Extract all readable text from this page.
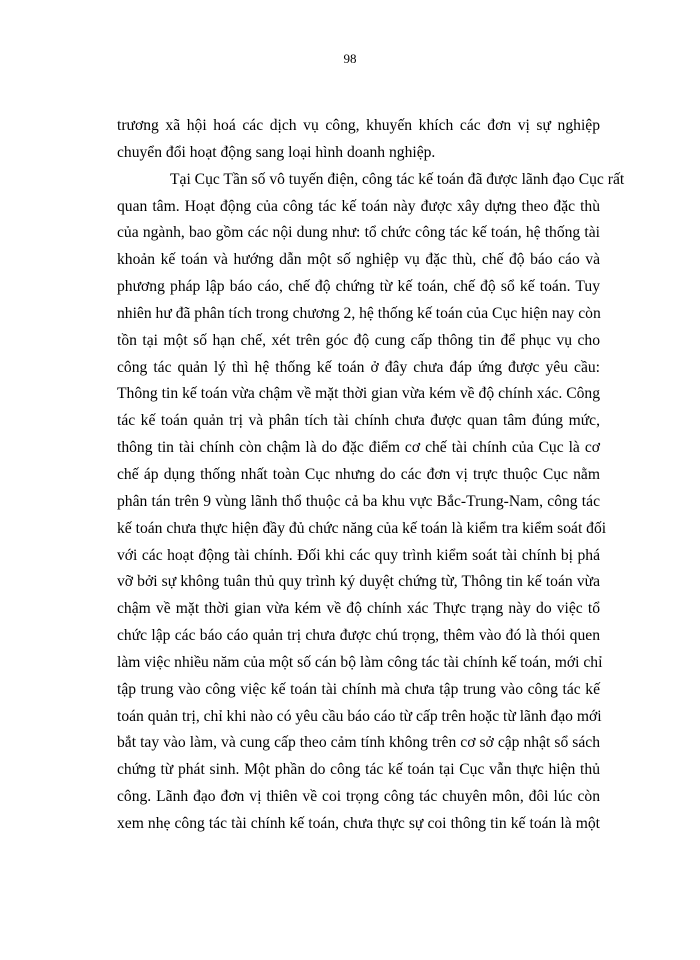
98
trương xã hội hoá các dịch vụ công, khuyến khích các đơn vị sự nghiệp
chuyển đổi hoạt động sang loại hình doanh nghiệp.
Tại Cục Tần số vô tuyến điện, công tác kế toán đã được lãnh đạo Cục rất
quan tâm. Hoạt động của công tác kế toán này được xây dựng theo đặc thù
của ngành, bao gồm các nội dung như: tổ chức công tác kế toán, hệ thống tài
khoản kế toán và hướng dẫn một số nghiệp vụ đặc thù, chế độ báo cáo và
phương pháp lập báo cáo, chế độ chứng từ kế toán, chế độ sổ kế toán. Tuy
nhiên hư đã phân tích trong chương 2, hệ thống kế toán của Cục hiện nay còn
tồn tại một số hạn chế, xét trên góc độ cung cấp thông tin để phục vụ cho
công tác quản lý thì hệ thống kế toán ở đây chưa đáp ứng được yêu cầu:
Thông tin kế toán vừa chậm về mặt thời gian vừa kém về độ chính xác. Công
tác kế toán quản trị và phân tích tài chính chưa được quan tâm đúng mức,
thông tin tài chính còn chậm là do đặc điểm cơ chế tài chính của Cục là cơ
chế áp dụng thống nhất toàn Cục nhưng do các đơn vị trực thuộc Cục nằm
phân tán trên 9 vùng lãnh thổ thuộc cả ba khu vực Bắc-Trung-Nam, công tác
kế toán chưa thực hiện đầy đủ chức năng của kế toán là kiểm tra kiểm soát đối
với các hoạt động tài chính. Đối khi các quy trình kiểm soát tài chính bị phá
vỡ bởi sự không tuân thủ quy trình ký duyệt chứng từ, Thông tin kế toán vừa
chậm về mặt thời gian vừa kém về độ chính xác Thực trạng này do việc tổ
chức lập các báo cáo quản trị chưa được chú trọng, thêm vào đó là thói quen
làm việc nhiều năm của một số cán bộ làm công tác tài chính kế toán, mới chỉ
tập trung vào công việc kế toán tài chính mà chưa tập trung vào công tác kế
toán quản trị, chỉ khi nào có yêu cầu báo cáo từ cấp trên hoặc từ lãnh đạo mới
bắt tay vào làm, và cung cấp theo cảm tính không trên cơ sở cập nhật sổ sách
chứng từ phát sinh. Một phần do công tác kế toán tại Cục vẫn thực hiện thủ
công. Lãnh đạo đơn vị thiên về coi trọng công tác chuyên môn, đôi lúc còn
xem nhẹ công tác tài chính kế toán, chưa thực sự coi thông tin kế toán là một
